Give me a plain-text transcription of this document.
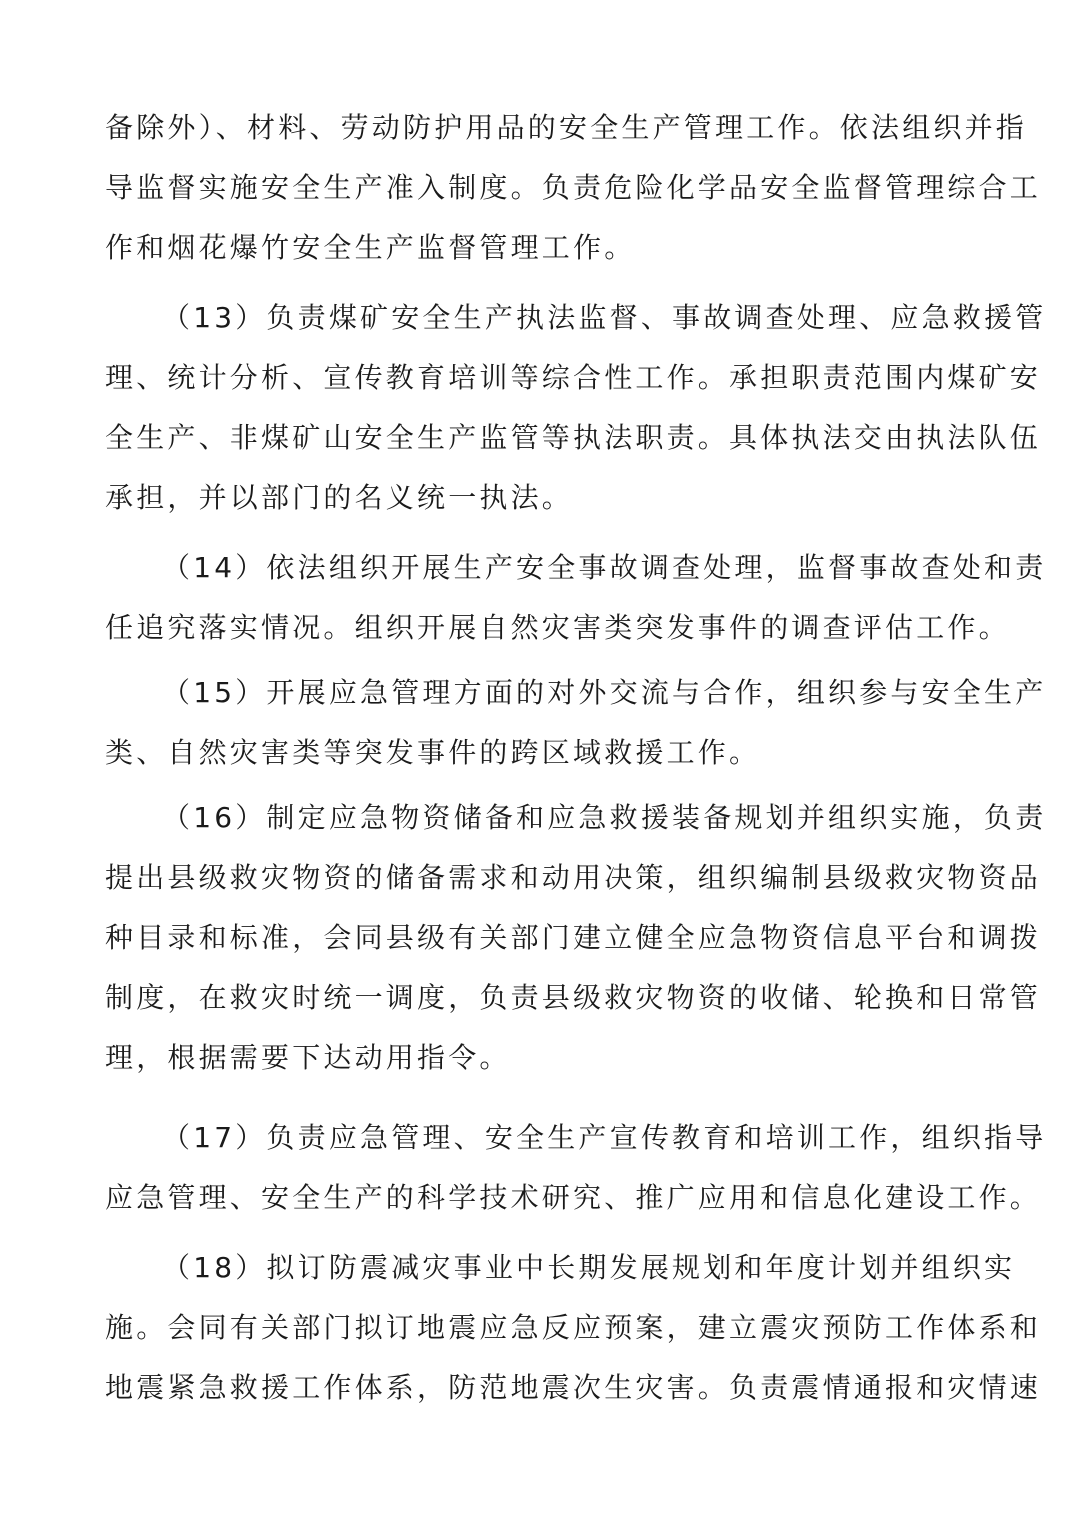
备除外）、材料、劳动防护用品的安全生产管理工作。依法组织并指
导监督实施安全生产准入制度。负责危险化学品安全监督管理综合工
作和烟花爆竹安全生产监督管理工作。
（13）负责煤矿安全生产执法监督、事故调查处理、应急救援管
理、统计分析、宣传教育培训等综合性工作。承担职责范围内煤矿安
全生产、非煤矿山安全生产监管等执法职责。具体执法交由执法队伍
承担，并以部门的名义统一执法。
（14）依法组织开展生产安全事故调查处理，监督事故查处和责
任追究落实情况。组织开展自然灾害类突发事件的调查评估工作。
（15）开展应急管理方面的对外交流与合作，组织参与安全生产
类、自然灾害类等突发事件的跨区域救援工作。
（16）制定应急物资储备和应急救援装备规划并组织实施，负责
提出县级救灾物资的储备需求和动用决策，组织编制县级救灾物资品
种目录和标准，会同县级有关部门建立健全应急物资信息平台和调拨
制度，在救灾时统一调度，负责县级救灾物资的收储、轮换和日常管
理，根据需要下达动用指令。
（17）负责应急管理、安全生产宣传教育和培训工作，组织指导
应急管理、安全生产的科学技术研究、推广应用和信息化建设工作。
（18）拟订防震减灾事业中长期发展规划和年度计划并组织实
施。会同有关部门拟订地震应急反应预案，建立震灾预防工作体系和
地震紧急救援工作体系，防范地震次生灾害。负责震情通报和灾情速
